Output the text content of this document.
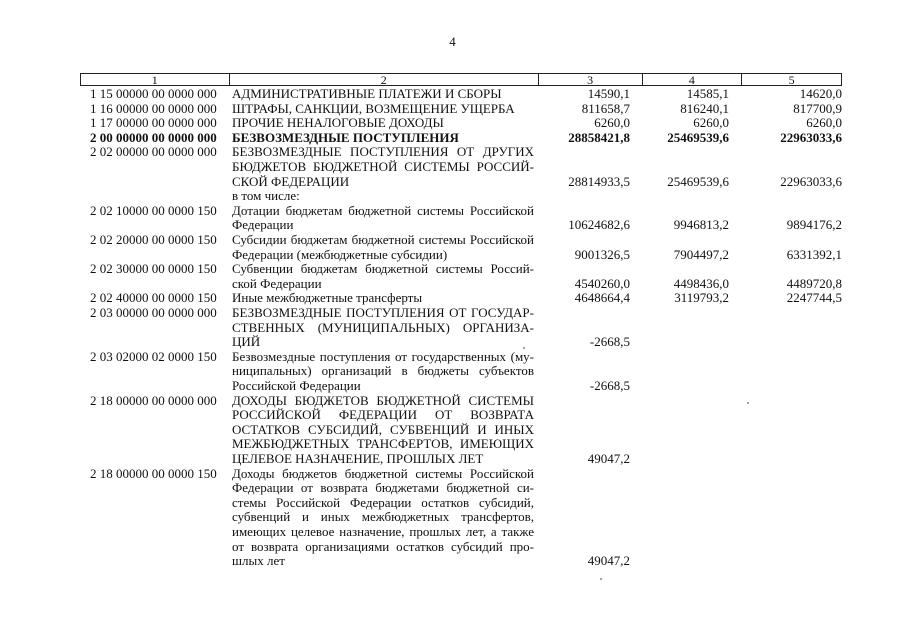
4
1	2	3	4	5
1 15 00000 00 0000 000 АДМИНИСТРАТИВНЫЕ ПЛАТЕЖИ И СБОРЫ	14590,1	14585,1	14620,0
1 16 00000 00 0000 000 ШТРАФЫ, САНКЦИИ, ВОЗМЕЩЕНИЕ УЩЕРБА	811658,7	816240,1	817700,9
1 17 00000 00 0000 000 ПРОЧИЕ НЕНАЛОГОВЫЕ ДОХОДЫ	6260,0	6260,0	6260,0
2 00 00000 00 0000 000 БЕЗВОЗМЕЗДНЫЕ ПОСТУПЛЕНИЯ	28858421,8	25469539,6	22963033,6
2 02 00000 00 0000 000 БЕЗВОЗМЕЗДНЫЕ ПОСТУПЛЕНИЯ ОТ ДРУГИХ
БЮДЖЕТОВ БЮДЖЕТНОЙ СИСТЕМЫ РОССИЙ-
СКОЙ ФЕДЕРАЦИИ	28814933,5	25469539,6	22963033,6
в том числе:
2 02 10000 00 0000 150 Дотации бюджетам бюджетной системы Российской
Федерации	10624682,6	9946813,2	9894176,2
2 02 20000 00 0000 150 Субсидии бюджетам бюджетной системы Российской
Федерации (межбюджетные субсидии)	9001326,5	7904497,2	6331392,1
2 02 30000 00 0000 150 Субвенции бюджетам бюджетной системы Россий-
ской Федерации	4540260,0	4498436,0	4489720,8
2 02 40000 00 0000 150 Иные межбюджетные трансферты	4648664,4	3119793,2	2247744,5
2 03 00000 00 0000 000 БЕЗВОЗМЕЗДНЫЕ ПОСТУПЛЕНИЯ ОТ ГОСУДАР-
СТВЕННЫХ (МУНИЦИПАЛЬНЫХ) ОРГАНИЗА-
ЦИЙ	-2668,5
2 03 02000 02 0000 150 Безвозмездные поступления от государственных (му-
ниципальных) организаций в бюджеты субъектов
Российской Федерации	-2668,5
2 18 00000 00 0000 000 ДОХОДЫ БЮДЖЕТОВ БЮДЖЕТНОЙ СИСТЕМЫ
РОССИЙСКОЙ ФЕДЕРАЦИИ ОТ ВОЗВРАТА
ОСТАТКОВ СУБСИДИЙ, СУБВЕНЦИЙ И ИНЫХ
МЕЖБЮДЖЕТНЫХ ТРАНСФЕРТОВ, ИМЕЮЩИХ
ЦЕЛЕВОЕ НАЗНАЧЕНИЕ, ПРОШЛЫХ ЛЕТ	49047,2
2 18 00000 00 0000 150 Доходы бюджетов бюджетной системы Российской
Федерации от возврата бюджетами бюджетной си-
стемы Российской Федерации остатков субсидий,
субвенций и иных межбюджетных трансфертов,
имеющих целевое назначение, прошлых лет, а также
от возврата организациями остатков субсидий про-
шлых лет	49047,2
